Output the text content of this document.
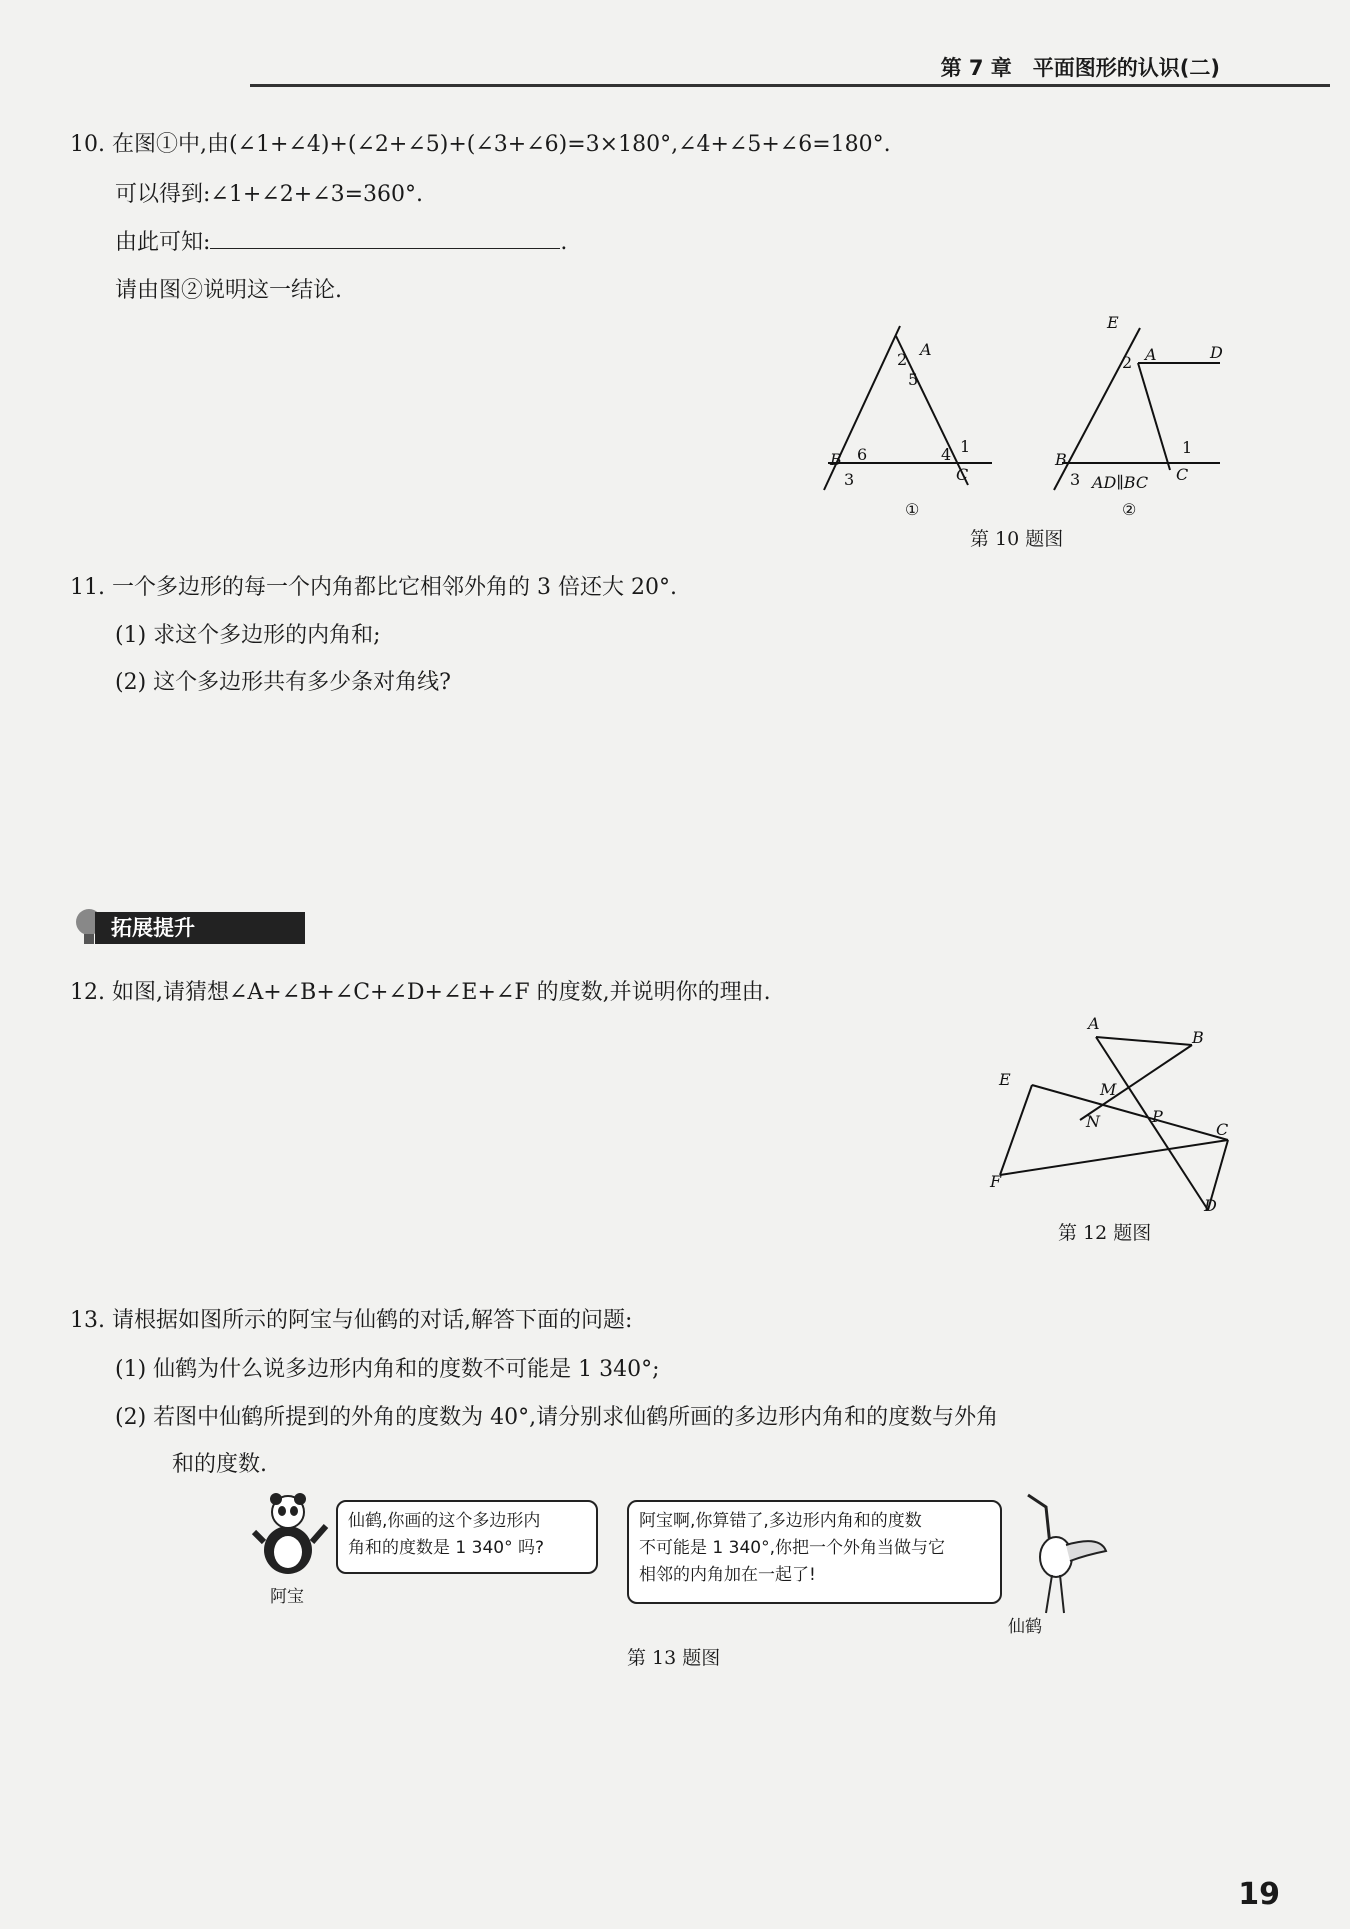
第 7 章　平面图形的认识(二)
10. 在图①中,由(∠1+∠4)+(∠2+∠5)+(∠3+∠6)=3×180°,∠4+∠5+∠6=180°.
可以得到:∠1+∠2+∠3=360°.
由此可知:	.
请由图②说明这一结论.
A
2
5
B 6
3	C
4 1
①
E
A
2
D
B
3
1
C
AD∥BC
②
第 10 题图
11. 一个多边形的每一个内角都比它相邻外角的 3 倍还大 20°.
(1) 求这个多边形的内角和;
(2) 这个多边形共有多少条对角线?
拓展提升
12. 如图,请猜想∠A+∠B+∠C+∠D+∠E+∠F 的度数,并说明你的理由.
A
B
E
M
N	P
C
F
D
第 12 题图
13. 请根据如图所示的阿宝与仙鹤的对话,解答下面的问题:
(1) 仙鹤为什么说多边形内角和的度数不可能是 1 340°;
(2) 若图中仙鹤所提到的外角的度数为 40°,请分别求仙鹤所画的多边形内角和的度数与外角
和的度数.
阿宝
仙鹤,你画的这个多边形内
角和的度数是 1 340° 吗?
阿宝啊,你算错了,多边形内角和的度数
不可能是 1 340°,你把一个外角当做与它
相邻的内角加在一起了!
仙鹤
第 13 题图
19
